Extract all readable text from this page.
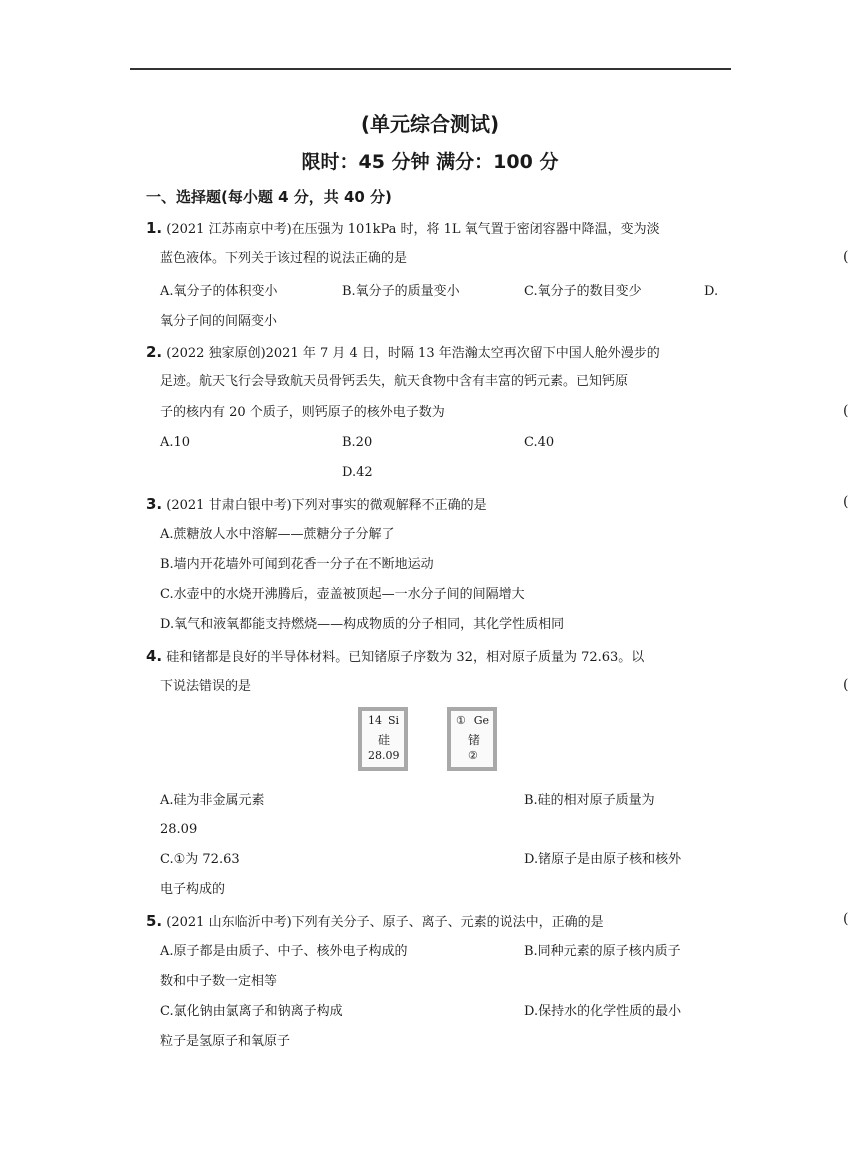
(单元综合测试)
限时：45 分钟 满分：100 分
一、选择题(每小题 4 分，共 40 分)
1. (2021 江苏南京中考)在压强为 101kPa 时，将 1L 氧气置于密闭容器中降温，变为淡
蓝色液体。下列关于该过程的说法正确的是	(
A.氧分子的体积变小	B.氧分子的质量变小	C.氧分子的数目变少	D.
氧分子间的间隔变小
2. (2022 独家原创)2021 年 7 月 4 日，时隔 13 年浩瀚太空再次留下中国人舱外漫步的
足迹。航天飞行会导致航天员骨钙丢失，航天食物中含有丰富的钙元素。已知钙原
子的核内有 20 个质子，则钙原子的核外电子数为	(
A.10	B.20	C.40
D.42
3. (2021 甘肃白银中考)下列对事实的微观解释不正确的是	(
A.蔗糖放人水中溶解——蔗糖分子分解了
B.墙内开花墙外可闻到花香一分子在不断地运动
C.水壶中的水烧开沸腾后，壶盖被顶起—一水分子间的间隔增大
D.氧气和液氧都能支持燃烧——构成物质的分子相同，其化学性质相同
4. 硅和锗都是良好的半导体材料。已知锗原子序数为 32，相对原子质量为 72.63。以
下说法错误的是	(
14 Si
硅
28.09
① Ge
锗
②
A.硅为非金属元素	B.硅的相对原子质量为
28.09
C.①为 72.63	D.锗原子是由原子核和核外
电子构成的
5. (2021 山东临沂中考)下列有关分子、原子、离子、元素的说法中，正确的是	(
A.原子都是由质子、中子、核外电子构成的	B.同种元素的原子核内质子
数和中子数一定相等
C.氯化钠由氯离子和钠离子构成	D.保持水的化学性质的最小
粒子是氢原子和氧原子
